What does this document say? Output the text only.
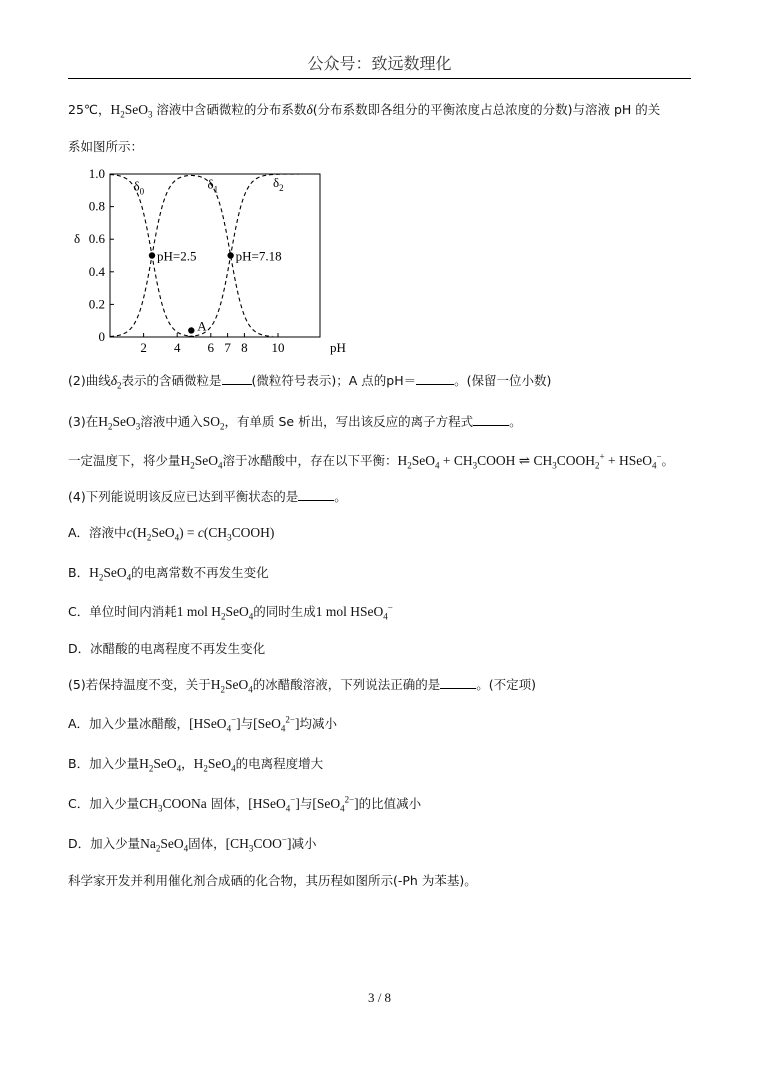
公众号：致远数理化
25℃，$H_2SeO_3$ 溶液中含硒微粒的分布系数δ(分布系数即各组分的平衡浓度占总浓度的分数)与溶液 pH 的关
系如图所示：
0
0.2
0.4
0.6
0.8
1.0
2 4 6 7 8 10	pH
δ
$\delta_0$	$\delta_1$	$\delta_2$
pH=2.5	pH=7.18
A
(2)曲线$\delta_2$表示的含硒微粒是 (微粒符号表示)；A 点的pH＝	。(保留一位小数)
(3)在$H_2SeO_3$溶液中通入$SO_2$，有单质 Se 析出，写出该反应的离子方程式	。
一定温度下，将少量$H_2SeO_4$溶于冰醋酸中，存在以下平衡：$H_2SeO_4$ + $CH_3COOH$ ⇌ $CH_3COOH_2^+$ + HSeO$_4$−。
(4)下列能说明该反应已达到平衡状态的是	。
A．溶液中$c(H_2SeO_4)$ = $c(CH_3COOH)$
B．$H_2SeO_4$的电离常数不再发生变化
C．单位时间内消耗1 mol $H_2SeO_4$的同时生成1 mol HSeO$_4$−
D．冰醋酸的电离程度不再发生变化
(5)若保持温度不变，关于$H_2SeO_4$的冰醋酸溶液，下列说法正确的是	。(不定项)
A．加入少量冰醋酸，[HSeO$_4$−]与[SeO$_4^{2-}$]均减小
B．加入少量$H_2SeO_4$，$H_2SeO_4$的电离程度增大
C．加入少量$CH_3COONa$ 固体，[HSeO$_4$−]与[SeO$_4^{2-}$]的比值减小
D．加入少量$Na_2SeO_4$固体，$[CH_3COO^-]$减小
科学家开发并利用催化剂合成硒的化合物，其历程如图所示(-Ph 为苯基)。
3 / 8
